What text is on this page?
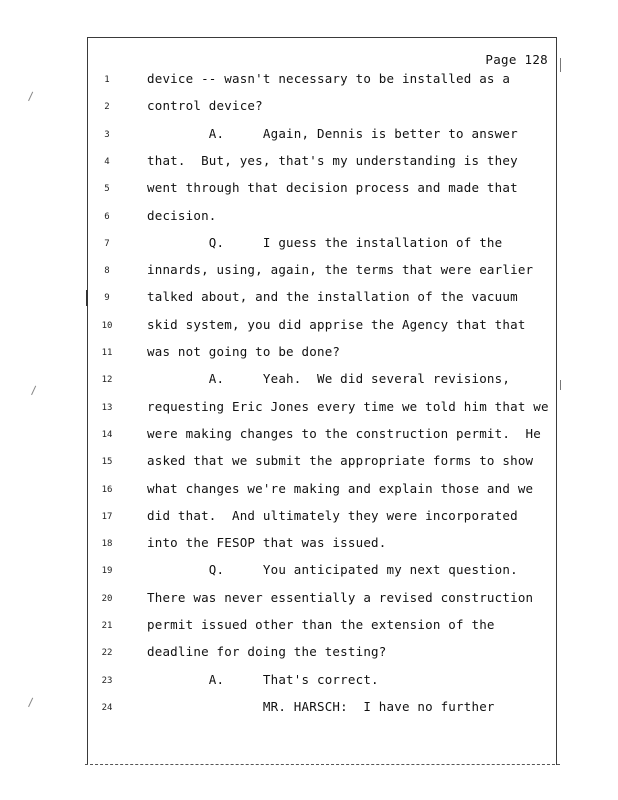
Page 128
1	device -- wasn't necessary to be installed as a
2	control device?
3	A.     Again, Dennis is better to answer
4	that.  But, yes, that's my understanding is they
5	went through that decision process and made that
6	decision.
7	Q.     I guess the installation of the
8	innards, using, again, the terms that were earlier
9	talked about, and the installation of the vacuum
10	skid system, you did apprise the Agency that that
11	was not going to be done?
12	A.     Yeah.  We did several revisions,
13	requesting Eric Jones every time we told him that we
14	were making changes to the construction permit.  He
15	asked that we submit the appropriate forms to show
16	what changes we're making and explain those and we
17	did that.  And ultimately they were incorporated
18	into the FESOP that was issued.
19	Q.     You anticipated my next question.
20	There was never essentially a revised construction
21	permit issued other than the extension of the
22	deadline for doing the testing?
23	A.     That's correct.
24	MR. HARSCH:  I have no further
